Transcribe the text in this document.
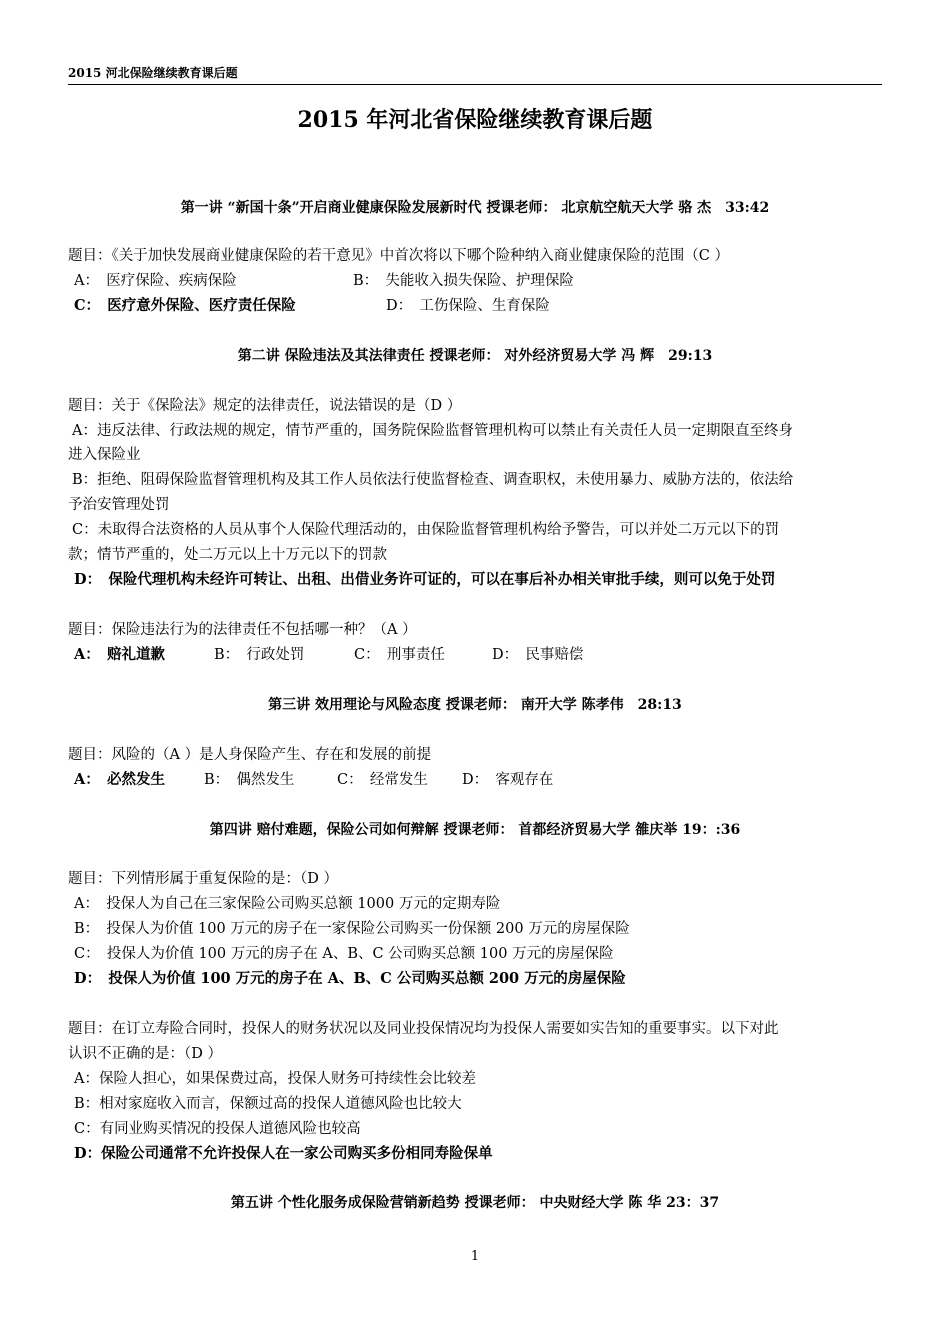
2015 河北保险继续教育课后题
2015 年河北省保险继续教育课后题
第一讲 “新国十条”开启商业健康保险发展新时代 授课老师： 北京航空航天大学 骆 杰　33:42
题目：《关于加快发展商业健康保险的若干意见》中首次将以下哪个险种纳入商业健康保险的范围（C ）
A：　医疗保险、疾病保险	B：　失能收入损失保险、护理保险
C：　医疗意外保险、医疗责任保险	D：　工伤保险、生育保险
第二讲 保险违法及其法律责任 授课老师： 对外经济贸易大学 冯 辉　29:13
题目：关于《保险法》规定的法律责任，说法错误的是（D ）
A：违反法律、行政法规的规定，情节严重的，国务院保险监督管理机构可以禁止有关责任人员一定期限直至终身
进入保险业
B：拒绝、阻碍保险监督管理机构及其工作人员依法行使监督检查、调查职权，未使用暴力、威胁方法的，依法给
予治安管理处罚
C：未取得合法资格的人员从事个人保险代理活动的，由保险监督管理机构给予警告，可以并处二万元以下的罚
款；情节严重的，处二万元以上十万元以下的罚款
D：　保险代理机构未经许可转让、出租、出借业务许可证的，可以在事后补办相关审批手续，则可以免于处罚
题目：保险违法行为的法律责任不包括哪一种？（A ）
A：　赔礼道歉	B：　行政处罚	C：　刑事责任	D：　民事赔偿
第三讲 效用理论与风险态度 授课老师： 南开大学 陈孝伟　28:13
题目：风险的（A ）是人身保险产生、存在和发展的前提
A：　必然发生	B：　偶然发生	C：　经常发生 D：　客观存在
第四讲 赔付难题，保险公司如何辩解 授课老师： 首都经济贸易大学 雒庆举 19：:36
题目：下列情形属于重复保险的是：（D ）
A：　投保人为自己在三家保险公司购买总额 1000 万元的定期寿险
B：　投保人为价值 100 万元的房子在一家保险公司购买一份保额 200 万元的房屋保险
C：　投保人为价值 100 万元的房子在 A、B、C 公司购买总额 100 万元的房屋保险
D：　投保人为价值 100 万元的房子在 A、B、C 公司购买总额 200 万元的房屋保险
题目：在订立寿险合同时，投保人的财务状况以及同业投保情况均为投保人需要如实告知的重要事实。以下对此
认识不正确的是：（D ）
A：保险人担心，如果保费过高，投保人财务可持续性会比较差
B：相对家庭收入而言，保额过高的投保人道德风险也比较大
C：有同业购买情况的投保人道德风险也较高
D：保险公司通常不允许投保人在一家公司购买多份相同寿险保单
第五讲 个性化服务成保险营销新趋势 授课老师： 中央财经大学 陈 华 23：37
1
